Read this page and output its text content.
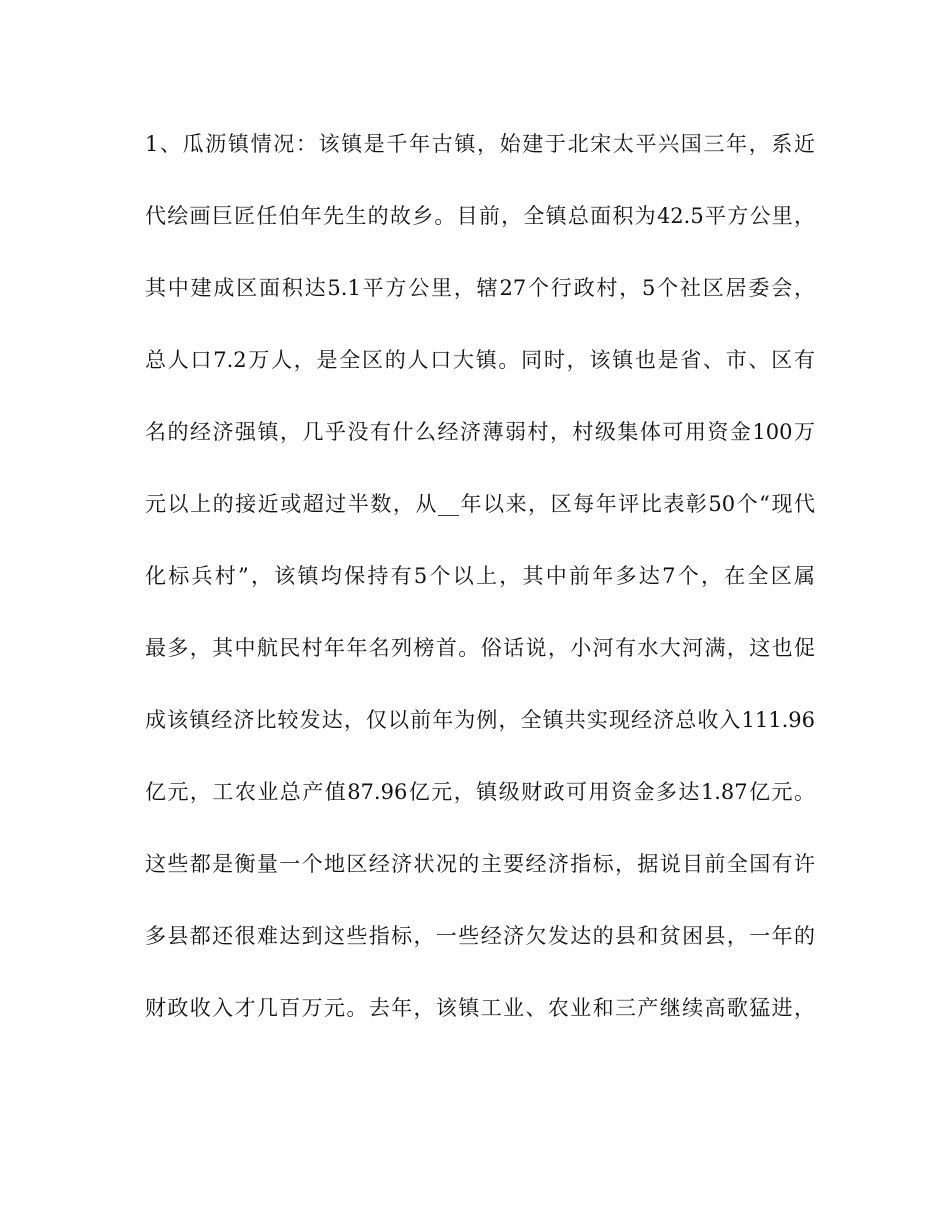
1、瓜沥镇情况：该镇是千年古镇，始建于北宋太平兴国三年，系近
代绘画巨匠任伯年先生的故乡。目前，全镇总面积为42.5平方公里，
其中建成区面积达5.1平方公里，辖27个行政村，5个社区居委会，
总人口7.2万人，是全区的人口大镇。同时，该镇也是省、市、区有
名的经济强镇，几乎没有什么经济薄弱村，村级集体可用资金100万
元以上的接近或超过半数，从__年以来，区每年评比表彰50个“现代
化标兵村”，该镇均保持有5个以上，其中前年多达7个，在全区属
最多，其中航民村年年名列榜首。俗话说，小河有水大河满，这也促
成该镇经济比较发达，仅以前年为例，全镇共实现经济总收入111.96
亿元，工农业总产值87.96亿元，镇级财政可用资金多达1.87亿元。
这些都是衡量一个地区经济状况的主要经济指标，据说目前全国有许
多县都还很难达到这些指标，一些经济欠发达的县和贫困县，一年的
财政收入才几百万元。去年，该镇工业、农业和三产继续高歌猛进，
